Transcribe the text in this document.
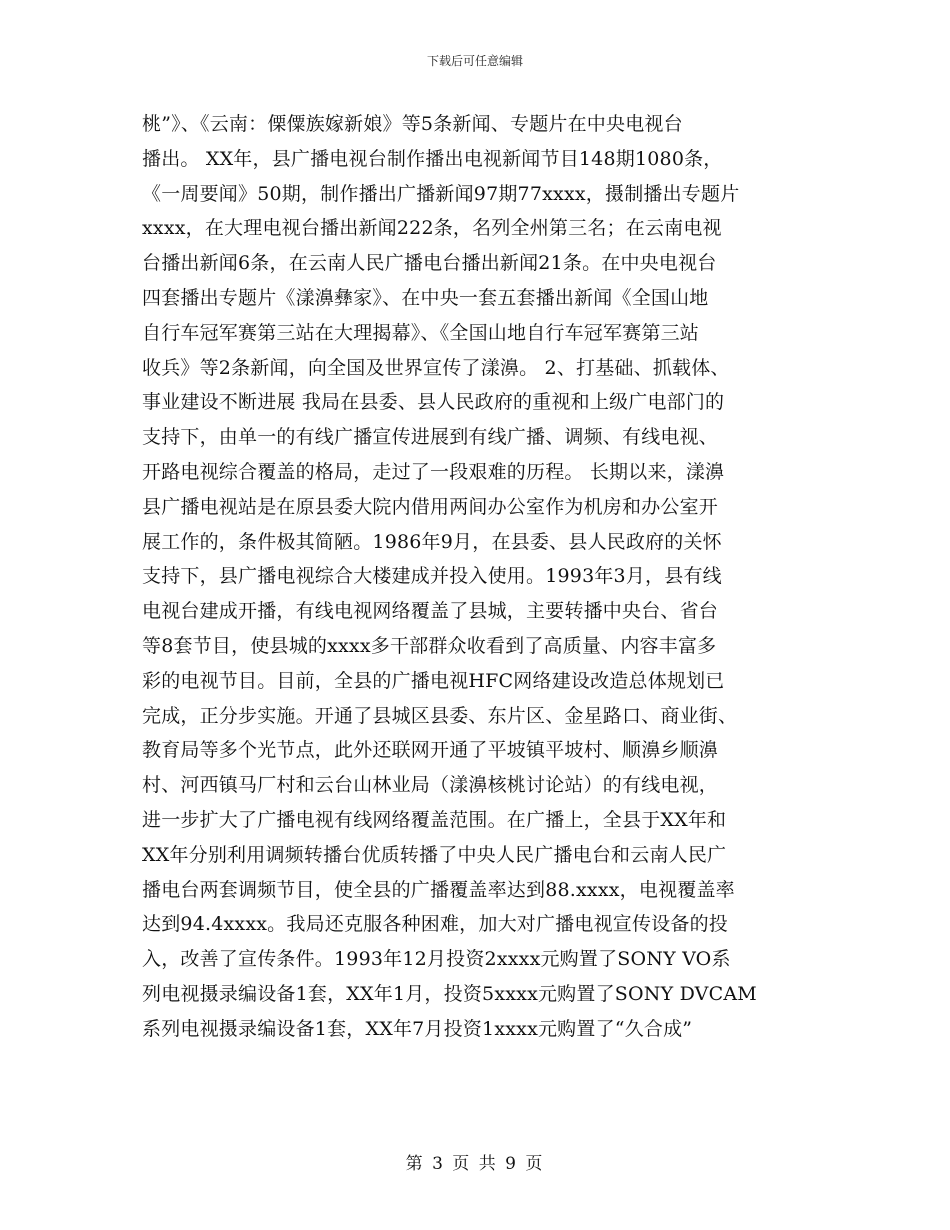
下载后可任意编辑
桃”》、《云南：傈僳族嫁新娘》等5条新闻、专题片在中央电视台
播出。 XX年，县广播电视台制作播出电视新闻节目148期1080条，
《一周要闻》50期，制作播出广播新闻97期77xxxx，摄制播出专题片
xxxx，在大理电视台播出新闻222条，名列全州第三名；在云南电视
台播出新闻6条，在云南人民广播电台播出新闻21条。在中央电视台
四套播出专题片《漾濞彝家》、在中央一套五套播出新闻《全国山地
自行车冠军赛第三站在大理揭幕》、《全国山地自行车冠军赛第三站
收兵》等2条新闻，向全国及世界宣传了漾濞。 2、打基础、抓载体、
事业建设不断进展 我局在县委、县人民政府的重视和上级广电部门的
支持下，由单一的有线广播宣传进展到有线广播、调频、有线电视、
开路电视综合覆盖的格局，走过了一段艰难的历程。 长期以来，漾濞
县广播电视站是在原县委大院内借用两间办公室作为机房和办公室开
展工作的，条件极其简陋。1986年9月，在县委、县人民政府的关怀
支持下，县广播电视综合大楼建成并投入使用。1993年3月，县有线
电视台建成开播，有线电视网络覆盖了县城，主要转播中央台、省台
等8套节目，使县城的xxxx多干部群众收看到了高质量、内容丰富多
彩的电视节目。目前，全县的广播电视HFC网络建设改造总体规划已
完成，正分步实施。开通了县城区县委、东片区、金星路口、商业街、
教育局等多个光节点，此外还联网开通了平坡镇平坡村、顺濞乡顺濞
村、河西镇马厂村和云台山林业局（漾濞核桃讨论站）的有线电视，
进一步扩大了广播电视有线网络覆盖范围。在广播上，全县于XX年和
XX年分别利用调频转播台优质转播了中央人民广播电台和云南人民广
播电台两套调频节目，使全县的广播覆盖率达到88.xxxx，电视覆盖率
达到94.4xxxx。我局还克服各种困难，加大对广播电视宣传设备的投
入，改善了宣传条件。1993年12月投资2xxxx元购置了SONY VO系
列电视摄录编设备1套，XX年1月，投资5xxxx元购置了SONY DVCAM
系列电视摄录编设备1套，XX年7月投资1xxxx元购置了“久合成”
第 3 页 共 9 页
